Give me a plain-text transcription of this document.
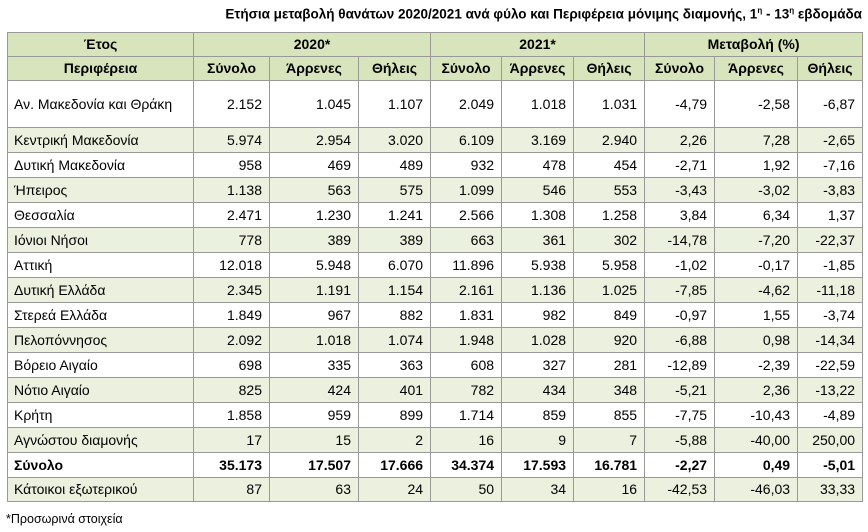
Ετήσια μεταβολή θανάτων 2020/2021 ανά φύλο και Περιφέρεια μόνιμης διαμονής, $1^\eta - 13^\eta$ εβδομάδα
Έτος	2020*			2021*			Μεταβολή (%)		
Περιφέρεια	Σύνολο	Άρρενες	Θήλεις	Σύνολο	Άρρενες	Θήλεις	Σύνολο	Άρρενες	Θήλεις
Αν. Μακεδονία και Θράκη	2.152	1.045	1.107	2.049	1.018	1.031	-4,79	-2,58	-6,87
Κεντρική Μακεδονία	5.974	2.954	3.020	6.109	3.169	2.940	2,26	7,28	-2,65
Δυτική Μακεδονία	958	469	489	932	478	454	-2,71	1,92	-7,16
Ήπειρος	1.138	563	575	1.099	546	553	-3,43	-3,02	-3,83
Θεσσαλία	2.471	1.230	1.241	2.566	1.308	1.258	3,84	6,34	1,37
Ιόνιοι Νήσοι	778	389	389	663	361	302	-14,78	-7,20	-22,37
Αττική	12.018	5.948	6.070	11.896	5.938	5.958	-1,02	-0,17	-1,85
Δυτική Ελλάδα	2.345	1.191	1.154	2.161	1.136	1.025	-7,85	-4,62	-11,18
Στερεά Ελλάδα	1.849	967	882	1.831	982	849	-0,97	1,55	-3,74
Πελοπόννησος	2.092	1.018	1.074	1.948	1.028	920	-6,88	0,98	-14,34
Βόρειο Αιγαίο	698	335	363	608	327	281	-12,89	-2,39	-22,59
Νότιο Αιγαίο	825	424	401	782	434	348	-5,21	2,36	-13,22
Κρήτη	1.858	959	899	1.714	859	855	-7,75	-10,43	-4,89
Αγνώστου διαμονής	17	15	2	16	9	7	-5,88	-40,00	250,00
Σύνολο	35.173	17.507	17.666	34.374	17.593	16.781	-2,27	0,49	-5,01
Κάτοικοι εξωτερικού	87	63	24	50	34	16	-42,53	-46,03	33,33
*Προσωρινά στοιχεία
